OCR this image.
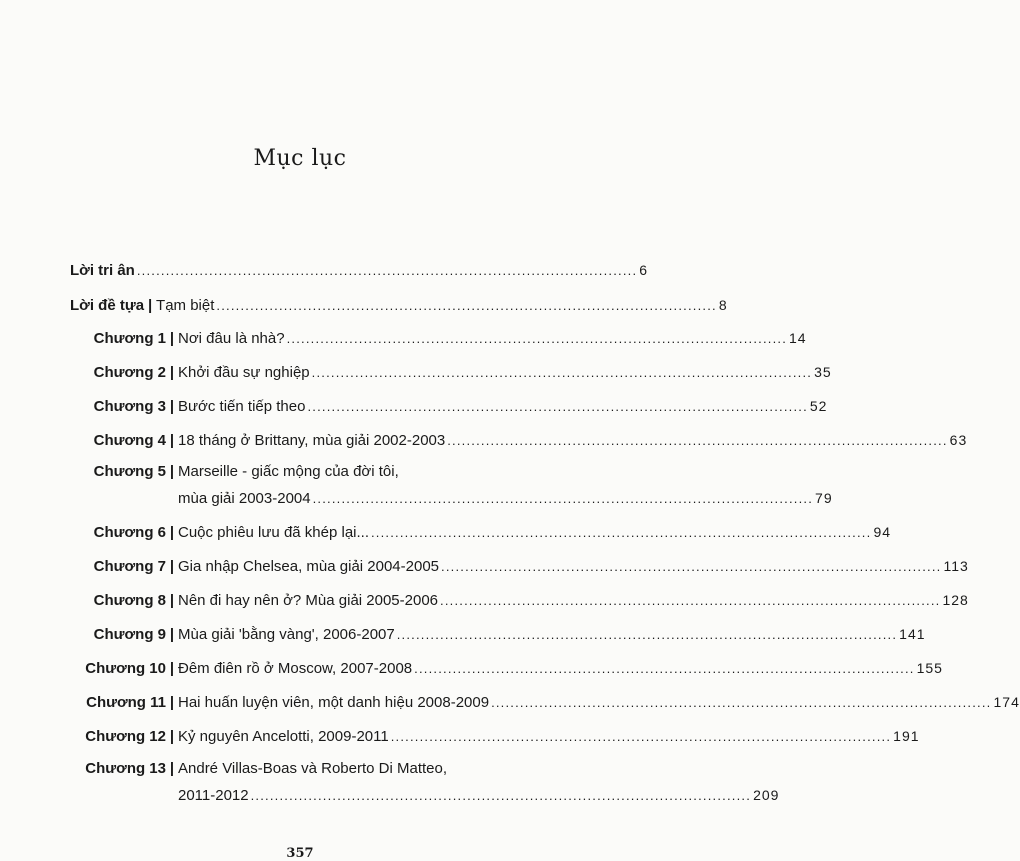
Mục lục
Lời tri ân ........................................................................................................ 6
Lời đề tựa | Tạm biệt ........................................................................................................ 8
Chương 1 | Nơi đâu là nhà? ........................................................................................................ 14
Chương 2 | Khởi đầu sự nghiệp ........................................................................................................ 35
Chương 3 | Bước tiến tiếp theo ........................................................................................................ 52
Chương 4 | 18 tháng ở Brittany, mùa giải 2002-2003 ........................................................................................................ 63
Chương 5 | Marseille - giấc mộng của đời tôi,
mùa giải 2003-2004 ........................................................................................................ 79
Chương 6 | Cuộc phiêu lưu đã khép lại... ........................................................................................................ 94
Chương 7 | Gia nhập Chelsea, mùa giải 2004-2005 ........................................................................................................ 113
Chương 8 | Nên đi hay nên ở? Mùa giải 2005-2006 ........................................................................................................ 128
Chương 9 | Mùa giải 'bằng vàng', 2006-2007 ........................................................................................................ 141
Chương 10 | Đêm điên rồ ở Moscow, 2007-2008 ........................................................................................................ 155
Chương 11 | Hai huấn luyện viên, một danh hiệu 2008-2009 ........................................................................................................ 174
Chương 12 | Kỷ nguyên Ancelotti, 2009-2011 ........................................................................................................ 191
Chương 13 | André Villas-Boas và Roberto Di Matteo,
2011-2012 ........................................................................................................ 209
357
